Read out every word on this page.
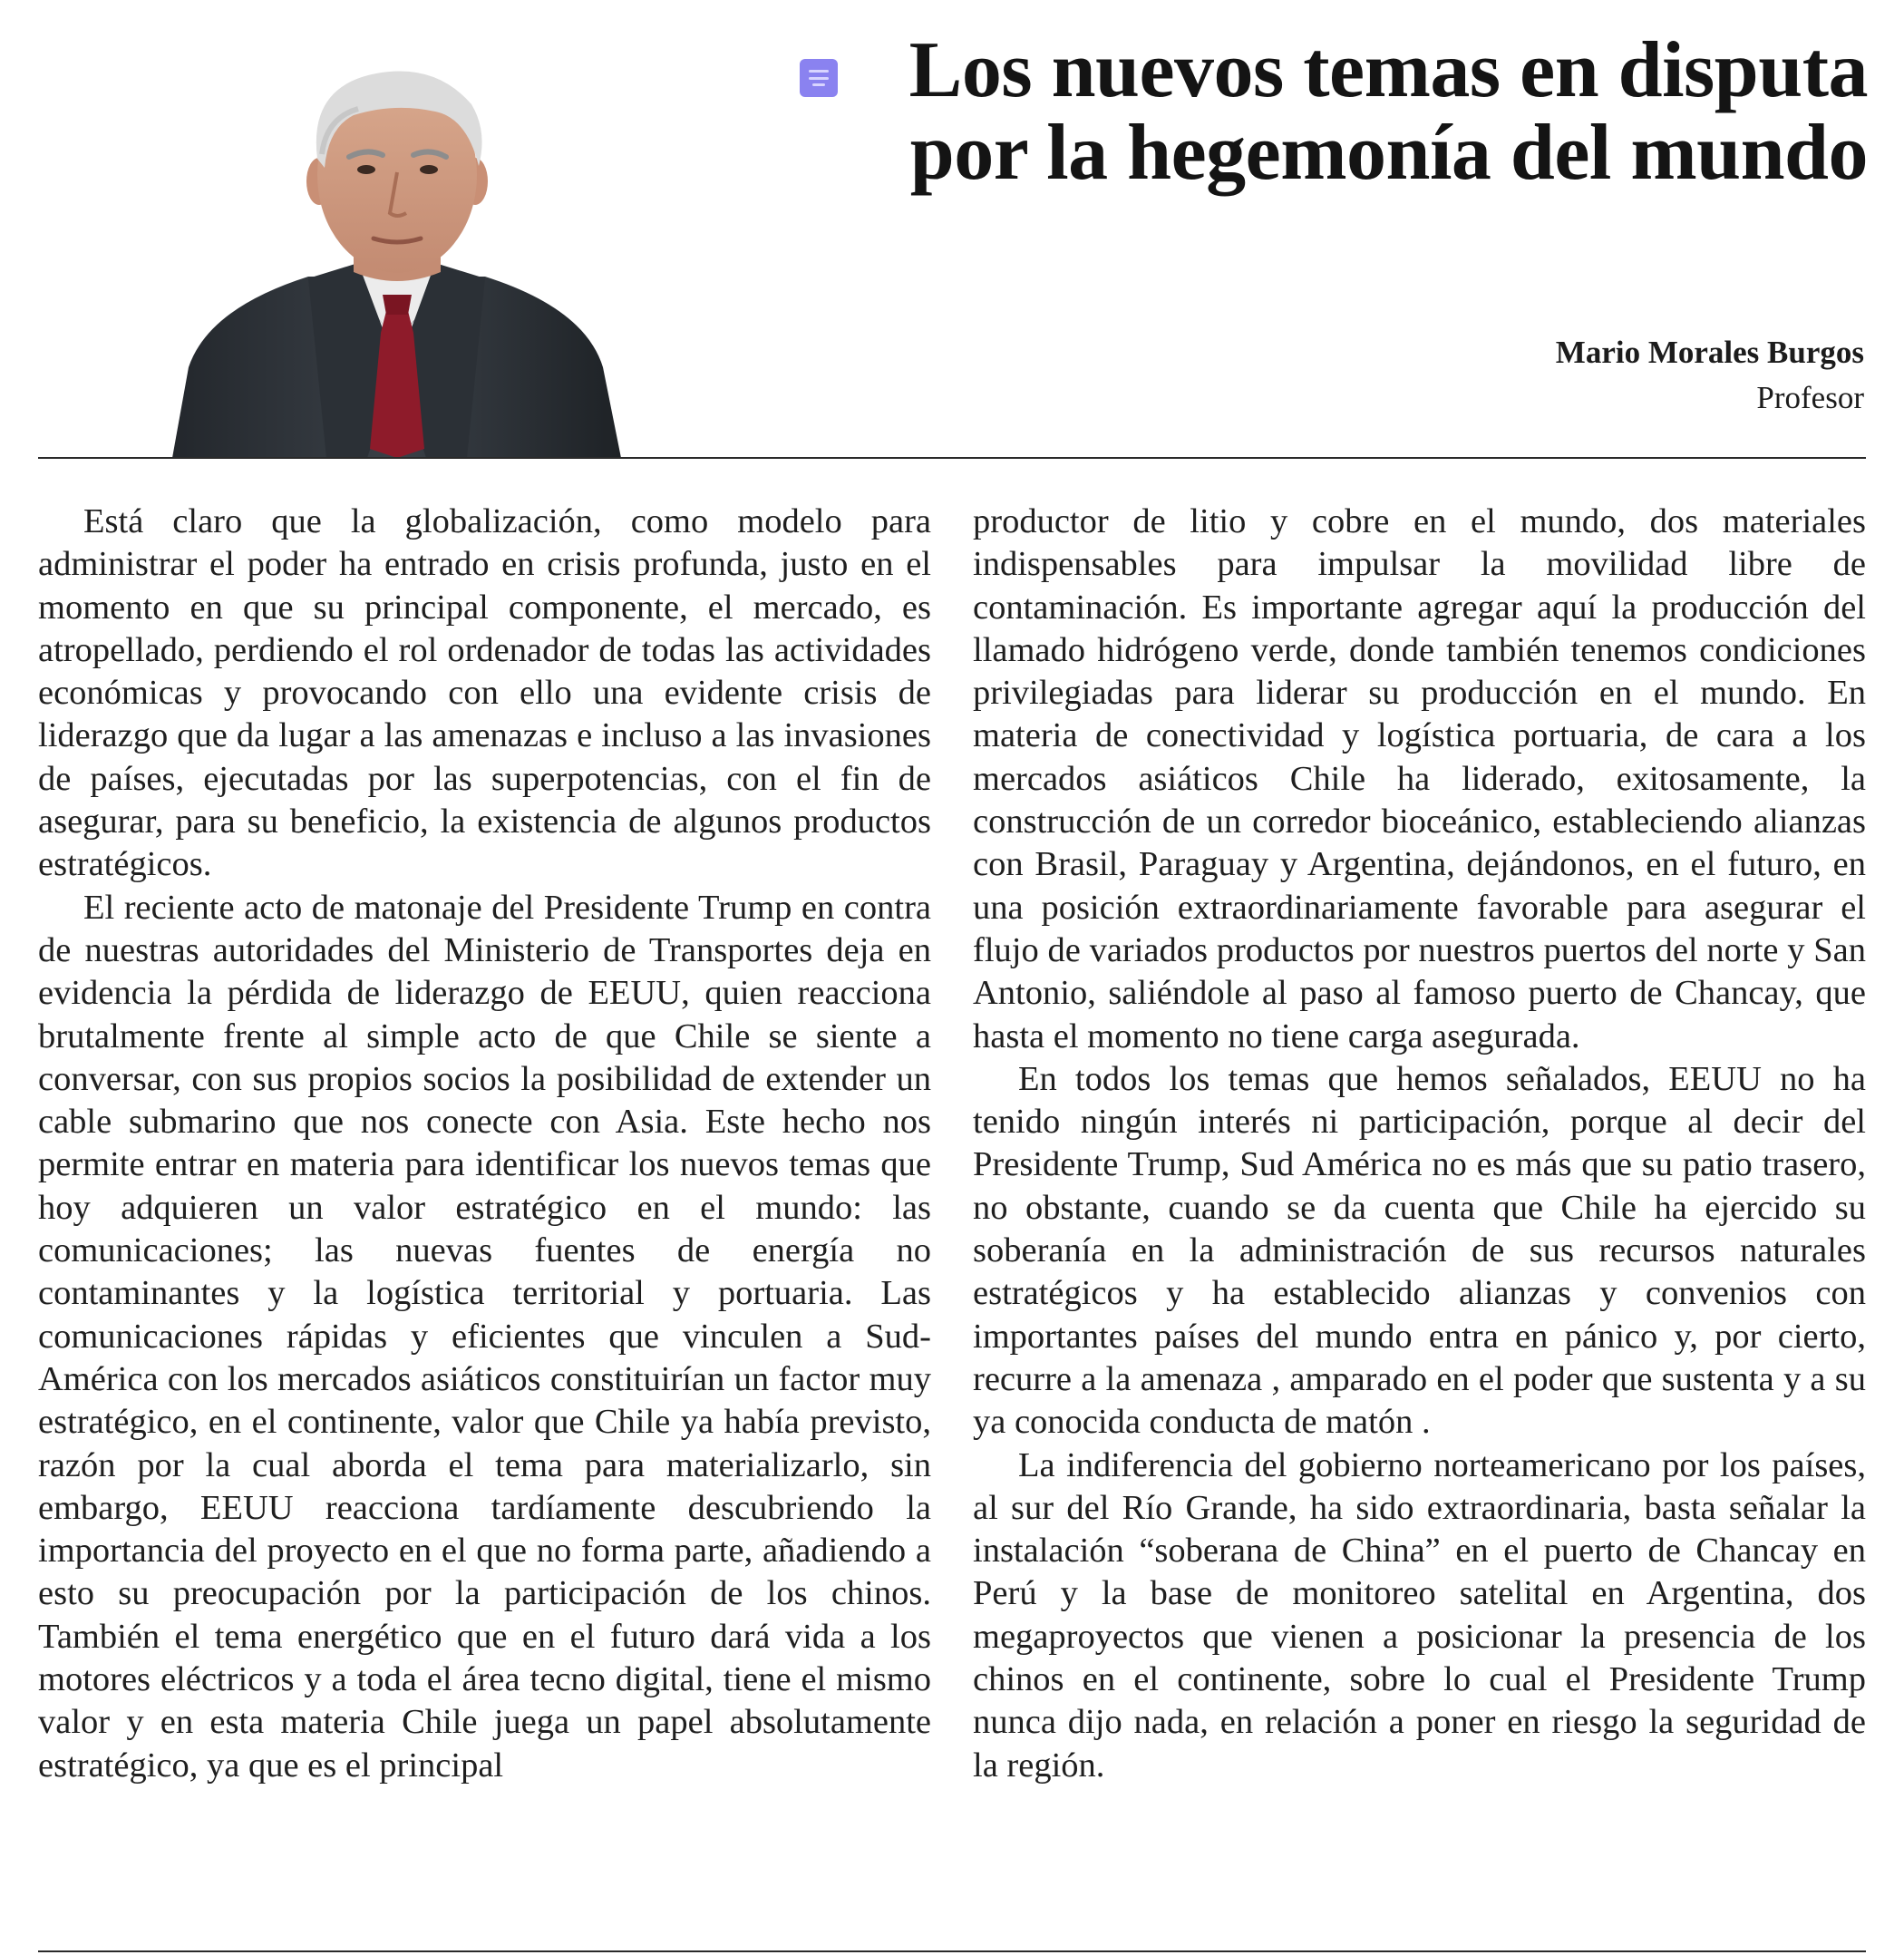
Los nuevos temas en disputa
por la hegemonía del mundo
Mario Morales Burgos
Profesor

Está claro que la globalización, como modelo para administrar el poder ha entrado en crisis profunda, justo en el momento en que su principal componente, el mercado, es atropellado, perdiendo el rol ordenador de todas las actividades económicas y provocando con ello una evidente crisis de liderazgo que da lugar a las amenazas e incluso a las invasiones de países, ejecutadas por las superpotencias, con el fin de asegurar, para su beneficio, la existencia de algunos productos estratégicos.

El reciente acto de matonaje del Presidente Trump en contra de nuestras autoridades del Ministerio de Transportes deja en evidencia la pérdida de liderazgo de EEUU, quien reacciona brutalmente frente al simple acto de que Chile se siente a conversar, con sus propios socios la posibilidad de extender un cable submarino que nos conecte con Asia. Este hecho nos permite entrar en materia para identificar los nuevos temas que hoy adquieren un valor estratégico en el mundo: las comunicaciones; las nuevas fuentes de energía no contaminantes y la logística territorial y portuaria. Las comunicaciones rápidas y eficientes que vinculen a Sud-América con los mercados asiáticos constituirían un factor muy estratégico, en el continente, valor que Chile ya había previsto, razón por la cual aborda el tema para materializarlo, sin embargo, EEUU reacciona tardíamente descubriendo la importancia del proyecto en el que no forma parte, añadiendo a esto su preocupación por la participación de los chinos. También el tema energético que en el futuro dará vida a los motores eléctricos y a toda el área tecno digital, tiene el mismo valor y en esta materia Chile juega un papel absolutamente estratégico, ya que es el principal

productor de litio y cobre en el mundo, dos materiales indispensables para impulsar la movilidad libre de contaminación. Es importante agregar aquí la producción del llamado hidrógeno verde, donde también tenemos condiciones privilegiadas para liderar su producción en el mundo. En materia de conectividad y logística portuaria, de cara a los mercados asiáticos Chile ha liderado, exitosamente, la construcción de un corredor bioceánico, estableciendo alianzas con Brasil, Paraguay y Argentina, dejándonos, en el futuro, en una posición extraordinariamente favorable para asegurar el flujo de variados productos por nuestros puertos del norte y San Antonio, saliéndole al paso al famoso puerto de Chancay, que hasta el momento no tiene carga asegurada.

En todos los temas que hemos señalados, EEUU no ha tenido ningún interés ni participación, porque al decir del Presidente Trump, Sud América no es más que su patio trasero, no obstante, cuando se da cuenta que Chile ha ejercido su soberanía en la administración de sus recursos naturales estratégicos y ha establecido alianzas y convenios con importantes países del mundo entra en pánico y, por cierto, recurre a la amenaza , amparado en el poder que sustenta y a su ya conocida conducta de matón .

La indiferencia del gobierno norteamericano por los países, al sur del Río Grande, ha sido extraordinaria, basta señalar la instalación “soberana de China” en el puerto de Chancay en Perú y la base de monitoreo satelital en Argentina, dos megaproyectos que vienen a posicionar la presencia de los chinos en el continente, sobre lo cual el Presidente Trump nunca dijo nada, en relación a poner en riesgo la seguridad de la región.
